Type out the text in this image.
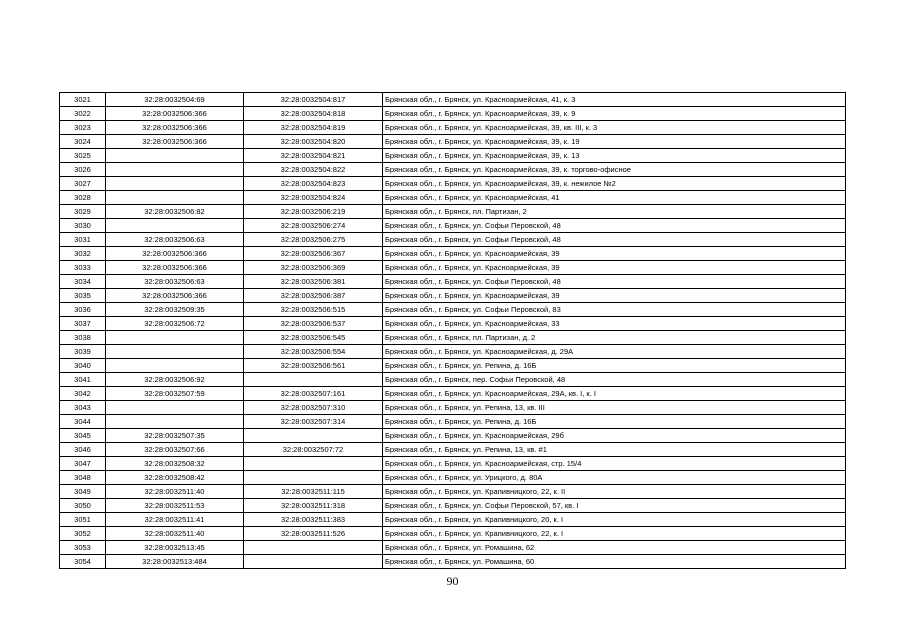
3021	32:28:0032504:69	32:28:0032504:817	Брянская обл., г. Брянск, ул. Красноармейская, 41, к. 3
3022	32:28:0032506:366	32:28:0032504:818	Брянская обл., г. Брянск, ул. Красноармейская, 39, к. 9
3023	32:28:0032506:366	32:28:0032504:819	Брянская обл., г. Брянск, ул. Красноармейская, 39, кв. III, к. 3
3024	32:28:0032506:366	32:28:0032504:820	Брянская обл., г. Брянск, ул. Красноармейская, 39, к. 19
3025		32:28:0032504:821	Брянская обл., г. Брянск, ул. Красноармейская, 39, к. 13
3026		32:28:0032504:822	Брянская обл., г. Брянск, ул. Красноармейская, 39, к. торгово-офисное
3027		32:28:0032504:823	Брянская обл., г. Брянск, ул. Красноармейская, 39, к. нежилое №2
3028		32:28:0032504:824	Брянская обл., г. Брянск, ул. Красноармейская, 41
3029	32:28:0032506:82	32:28:0032506:219	Брянская обл., г. Брянск, пл. Партизан, 2
3030		32:28:0032506:274	Брянская обл., г. Брянск, ул. Софьи Перовской, 48
3031	32:28:0032506:63	32:28:0032506:275	Брянская обл., г. Брянск, ул. Софьи Перовской, 48
3032	32:28:0032506:366	32:28:0032506:367	Брянская обл., г. Брянск, ул. Красноармейская, 39
3033	32:28:0032506:366	32:28:0032506:369	Брянская обл., г. Брянск, ул. Красноармейская, 39
3034	32:28:0032506:63	32:28:0032506:381	Брянская обл., г. Брянск, ул. Софьи Перовской, 48
3035	32:28:0032506:366	32:28:0032506:387	Брянская обл., г. Брянск, ул. Красноармейская, 39
3036	32:28:0032509:35	32:28:0032506:515	Брянская обл., г. Брянск, ул. Софьи Перовской, 83
3037	32:28:0032506:72	32:28:0032506:537	Брянская обл., г. Брянск, ул. Красноармейская, 33
3038		32:28:0032506:545	Брянская обл., г. Брянск, пл. Партизан, д. 2
3039		32:28:0032506:554	Брянская обл., г. Брянск, ул. Красноармейская, д. 29А
3040		32:28:0032506:561	Брянская обл., г. Брянск, ул. Репина, д. 16Б
3041	32:28:0032506:92		Брянская обл., г. Брянск, пер. Софьи Перовской, 48
3042	32:28:0032507:59	32:28:0032507:161	Брянская обл., г. Брянск, ул. Красноармейская, 29А, кв. I, к. I
3043		32:28:0032507:310	Брянская обл., г. Брянск, ул. Репина, 13, кв. III
3044		32:28:0032507:314	Брянская обл., г. Брянск, ул. Репина, д. 16Б
3045	32:28:0032507:35		Брянская обл., г. Брянск, ул. Красноармейская, 29б
3046	32:28:0032507:66	32:28:0032507:72	Брянская обл., г. Брянск, ул. Репина, 13, кв. #1
3047	32:28:0032508:32		Брянская обл., г. Брянск, ул. Красноармейская, стр. 15/4
3048	32:28:0032508:42		Брянская обл., г. Брянск, ул. Урицкого, д. 80А
3049	32:28:0032511:40	32:28:0032511:115	Брянская обл., г. Брянск, ул. Крапивницкого, 22, к. II
3050	32:28:0032511:53	32:28:0032511:318	Брянская обл., г. Брянск, ул. Софьи Перовской, 57, кв. I
3051	32:28:0032511:41	32:28:0032511:383	Брянская обл., г. Брянск, ул. Крапивницкого, 20, к. I
3052	32:28:0032511:40	32:28:0032511:526	Брянская обл., г. Брянск, ул. Крапивницкого, 22, к. I
3053	32:28:0032513:45		Брянская обл., г. Брянск, ул. Ромашина, 62
3054	32:28:0032513:484		Брянская обл., г. Брянск, ул. Ромашина, 60
90
